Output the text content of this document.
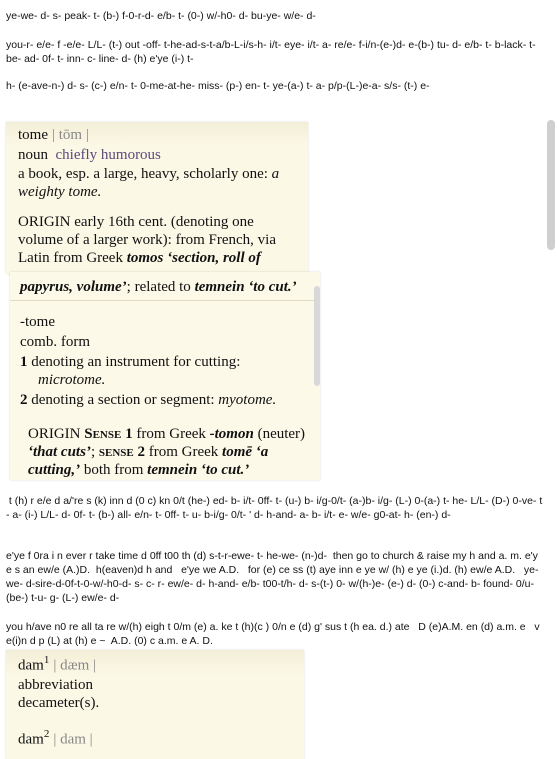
ye-we- d- s- peak- t- (b-) f-0-r-d- e/b- t- (0-) w/-h0- d- bu-ye- w/e- d-
you-r- e/e- f -e/e- L/L- (t-) out -off- t-he-ad-s-t-a/b-L-i/s-h- i/t- eye- i/t- a- re/e- f-i/n-(e-)d- e-(b-) tu- d- e/b- t- b-lack- t-  be- ad- 0f- t- inn- c- line- d- (h) e'ye (i-) t-
h- (e-ave-n-) d- s- (c-) e/n- t- 0-me-at-he- miss- (p-) en- t- ye-(a-) t- a- p/p-(L-)e-a- s/s- (t-) e-
tome | tōm |
noun chiefly humorous
a book, esp. a large, heavy, scholarly one: a weighty tome.
ORIGIN early 16th cent. (denoting one volume of a larger work): from French, via Latin from Greek tomos ‘section, roll of
papyrus, volume’; related to temnein ‘to cut.’
-tome
comb. form
1 denoting an instrument for cutting:
microtome.
2 denoting a section or segment: myotome.
ORIGIN Sense 1 from Greek -tomon (neuter) ‘that cuts’; sense 2 from Greek tomē ‘a cutting,’ both from temnein ‘to cut.’
t (h) r e/e d a/'re s (k) inn d (0 c) kn 0/t (he-) ed- b- i/t- 0ff- t- (u-) b- i/g-0/t- (a-)b- i/g- (L-) 0-(a-) t- he- L/L- (D-) 0-ve- t- a- (i-) L/L- d- 0f- t- (b-) all- e/n- t- 0ff- t- u- b-i/g- 0/t- ' d- h-and- a- b- i/t- e- w/e- g0-at- h- (en-) d-
e'ye f 0ra i n ever r take time d 0ff t00 th (d) s-t-r-ewe- t- he-we- (n-)d-  then go to church & raise my h and a. m. e'ye s an ew/e (A.)D.  h(eaven)d h and   e'ye we A.D.   for (e) ce ss (t) aye inn e ye w/ (h) e ye (i.)d. (h) ew/e A.D.   ye-we- d-sire-d-0f-t-0-w/-h0-d- s- c- r- ew/e- d- h-and- e/b- t00-t/h- d- s-(t-) 0- w/(h-)e- (e-) d- (0-) c-and- b- found- 0/u-(be-) t-u- g- (L-) ew/e- d-
you h/ave n0 re all ta re w/(h) eigh t 0/m (e) a. ke t (h)(c ) 0/n e (d) g' sus t (h ea. d.) ate   D (e)A.M. en (d) a.m. e   ve(i)n d p (L) at (h) e ~  A.D. (0) c a.m. e A. D.
dam$^1$ | dæm |
abbreviation
decameter(s).
dam$^2$ | dam |
